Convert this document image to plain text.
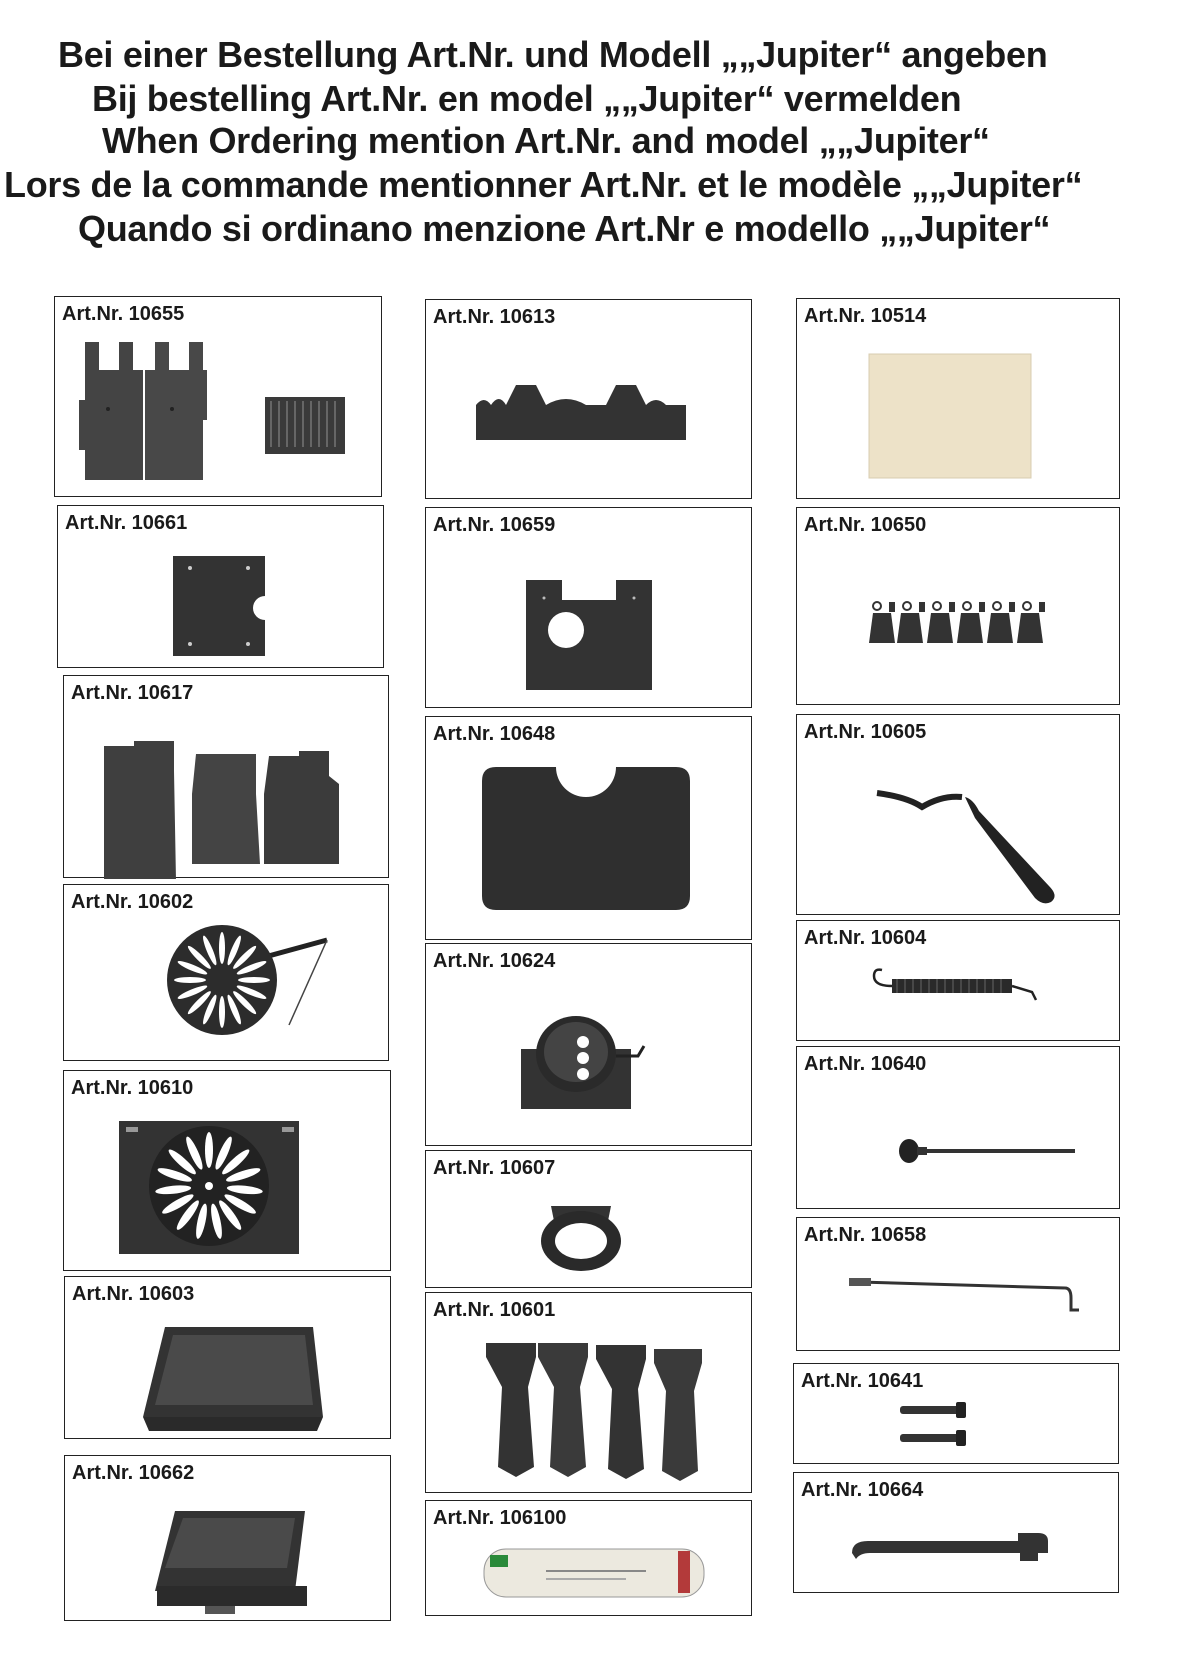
Bei einer Bestellung Art.Nr. und Modell „„Jupiter“ angeben
Bij bestelling Art.Nr. en model „„Jupiter“ vermelden
When Ordering mention Art.Nr. and model „„Jupiter“
Lors de la commande mentionner Art.Nr. et le modèle „„Jupiter“
Quando si ordinano menzione Art.Nr e modello „„Jupiter“
Art.Nr. 10655
Art.Nr. 10661
Art.Nr. 10617
Art.Nr. 10602
Art.Nr. 10610
Art.Nr. 10603
Art.Nr. 10662
Art.Nr. 10613
Art.Nr. 10659
Art.Nr. 10648
Art.Nr. 10624
Art.Nr. 10607
Art.Nr. 10601
Art.Nr. 106100
Art.Nr. 10514
Art.Nr. 10650
Art.Nr. 10605
Art.Nr. 10604
Art.Nr. 10640
Art.Nr. 10658
Art.Nr. 10641
Art.Nr. 10664
